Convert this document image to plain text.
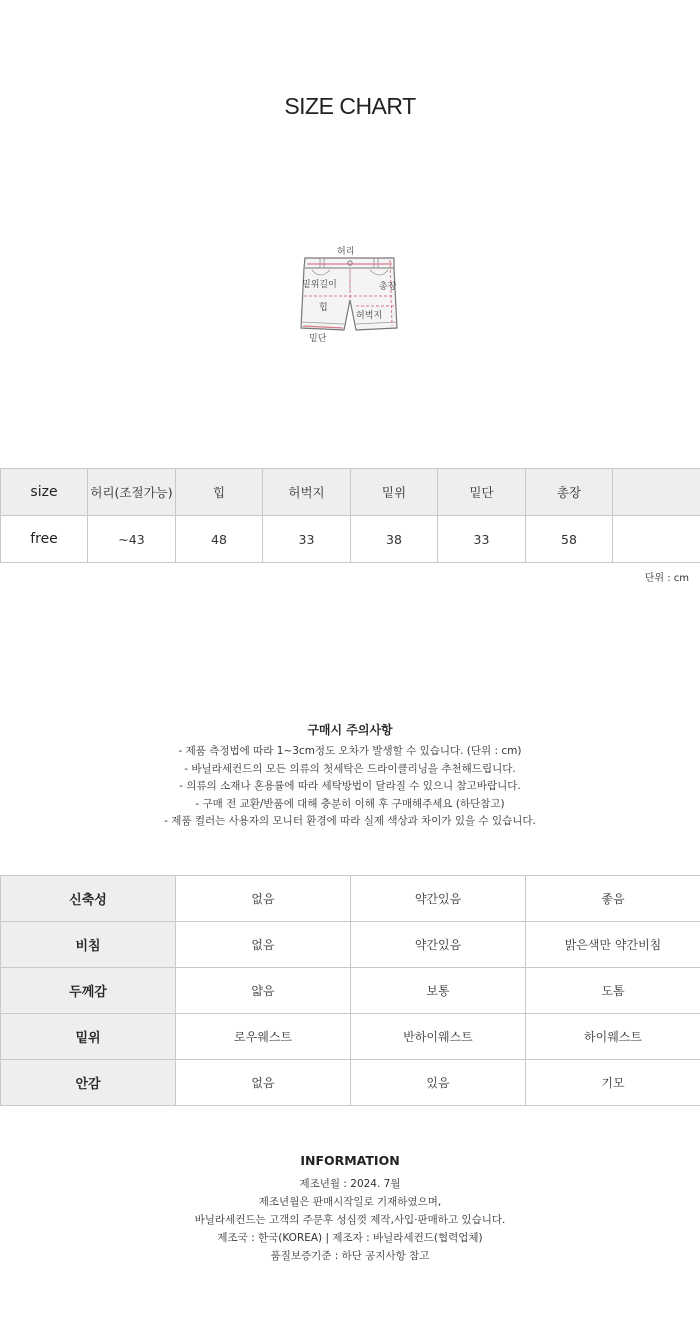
SIZE CHART
허리
밑위길이	총장
힙
허벅지
밑단
size	허리(조절가능)	힙	허벅지	밑위	밑단	총장	
free	~43	48	33	38	33	58	
단위 : cm
구매시 주의사항
- 제품 측정법에 따라 1~3cm정도 오차가 발생할 수 있습니다. (단위 : cm)
- 바닐라세컨드의 모든 의류의 첫세탁은 드라이클리닝을 추천해드립니다.
- 의류의 소재나 혼용률에 따라 세탁방법이 달라질 수 있으니 참고바랍니다.
- 구매 전 교환/반품에 대해 충분히 이해 후 구매해주세요 (하단참고)
- 제품 컬러는 사용자의 모니터 환경에 따라 실제 색상과 차이가 있을 수 있습니다.
신축성	없음	약간있음	좋음
비침	없음	약간있음	밝은색만 약간비침
두께감	얇음	보통	도톰
밑위	로우웨스트	반하이웨스트	하이웨스트
안감	없음	있음	기모
INFORMATION
제조년월 : 2024. 7월
제조년월은 판매시작일로 기재하였으며,
바닐라세컨드는 고객의 주문후 성심껏 제작,사입·판매하고 있습니다.
제조국 : 한국(KOREA) | 제조자 : 바닐라세컨드(협력업체)
품질보증기준 : 하단 공지사항 참고
